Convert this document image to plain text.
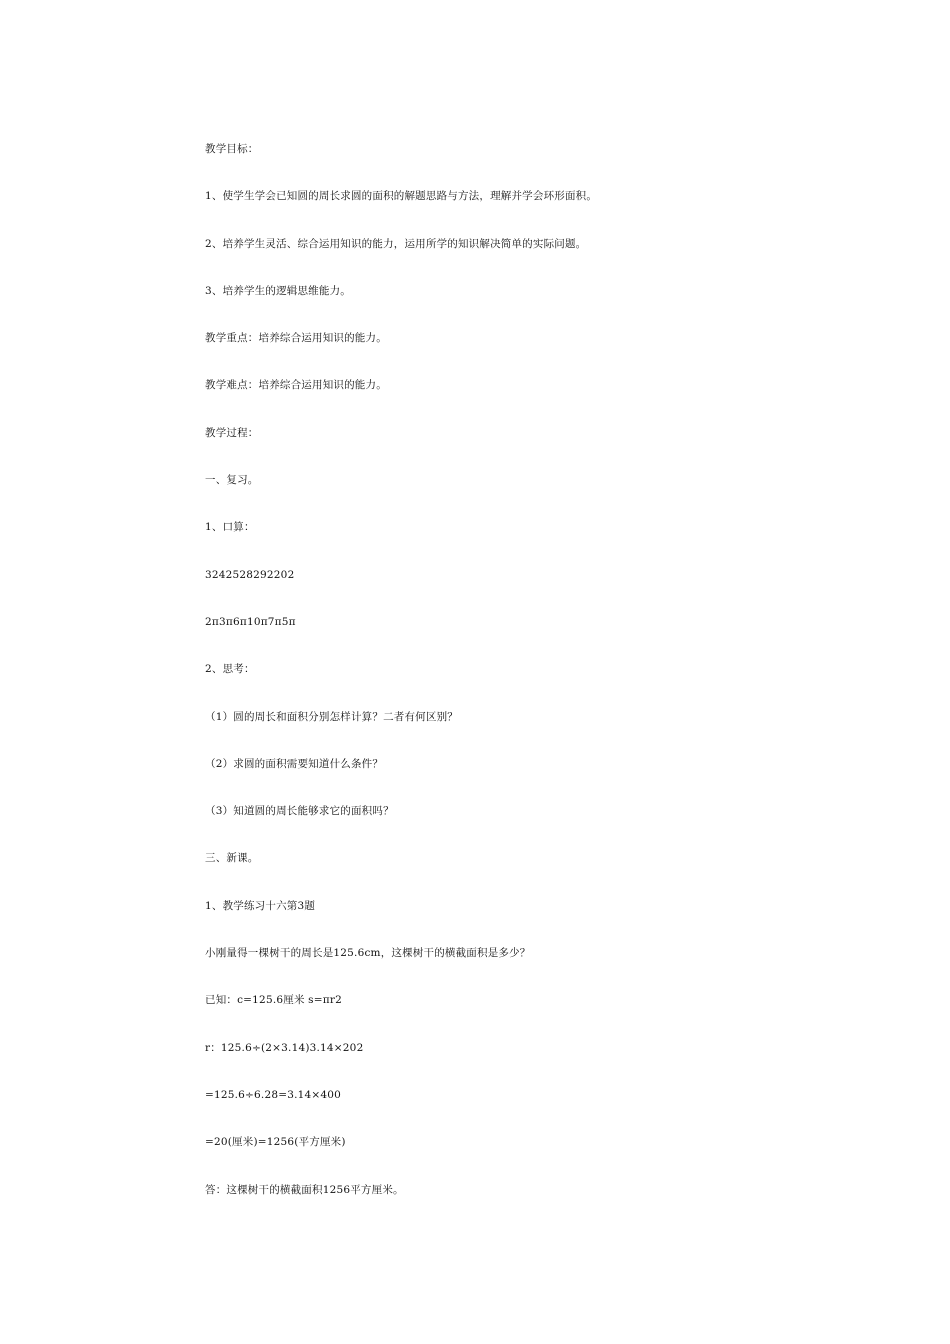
教学目标：
1、使学生学会已知圆的周长求圆的面积的解题思路与方法，理解并学会环形面积。
2、培养学生灵活、综合运用知识的能力，运用所学的知识解决简单的实际问题。
3、培养学生的逻辑思维能力。
教学重点：培养综合运用知识的能力。
教学难点：培养综合运用知识的能力。
教学过程：
一、复习。
1、口算：
3242528292202
2π3π6π10π7π5π
2、思考：
（1）圆的周长和面积分别怎样计算？二者有何区别？
（2）求圆的面积需要知道什么条件？
（3）知道圆的周长能够求它的面积吗？
三、新课。
1、教学练习十六第3题
小刚量得一棵树干的周长是125.6cm，这棵树干的横截面积是多少？
已知：c=125.6厘米 s=πr2
r：125.6÷(2×3.14)3.14×202
=125.6÷6.28=3.14×400
=20(厘米)=1256(平方厘米)
答：这棵树干的横截面积1256平方厘米。
